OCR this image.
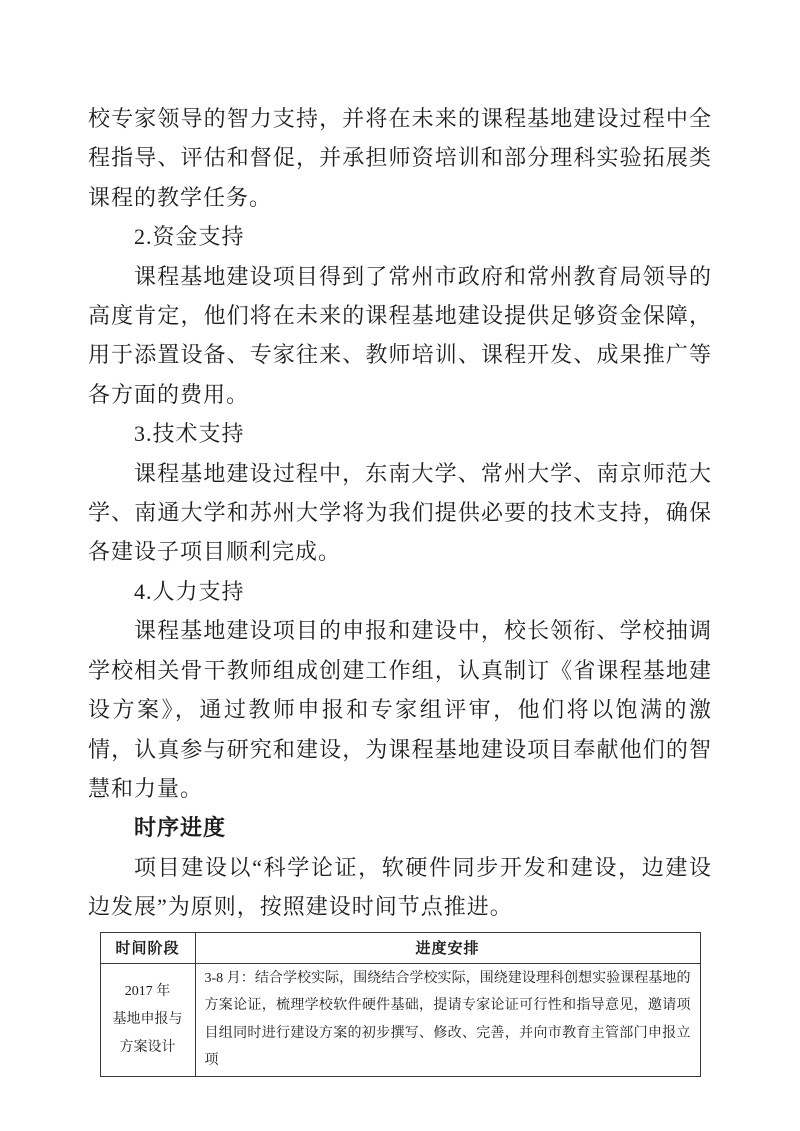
校专家领导的智力支持，并将在未来的课程基地建设过程中全程指导、评估和督促，并承担师资培训和部分理科实验拓展类课程的教学任务。

2.资金支持

课程基地建设项目得到了常州市政府和常州教育局领导的高度肯定，他们将在未来的课程基地建设提供足够资金保障，用于添置设备、专家往来、教师培训、课程开发、成果推广等各方面的费用。

3.技术支持

课程基地建设过程中，东南大学、常州大学、南京师范大学、南通大学和苏州大学将为我们提供必要的技术支持，确保各建设子项目顺利完成。

4.人力支持

课程基地建设项目的申报和建设中，校长领衔、学校抽调学校相关骨干教师组成创建工作组，认真制订《省课程基地建设方案》，通过教师申报和专家组评审，他们将以饱满的激情，认真参与研究和建设，为课程基地建设项目奉献他们的智慧和力量。

时序进度

项目建设以“科学论证，软硬件同步开发和建设，边建设边发展”为原则，按照建设时间节点推进。

时间阶段	进度安排

2017 年
基地申报与
方案设计	3-8 月：结合学校实际，围绕结合学校实际，围绕建设理科创想实验课程基地的方案论证，梳理学校软件硬件基础，提请专家论证可行性和指导意见，邀请项目组同时进行建设方案的初步撰写、修改、完善，并向市教育主管部门申报立项
